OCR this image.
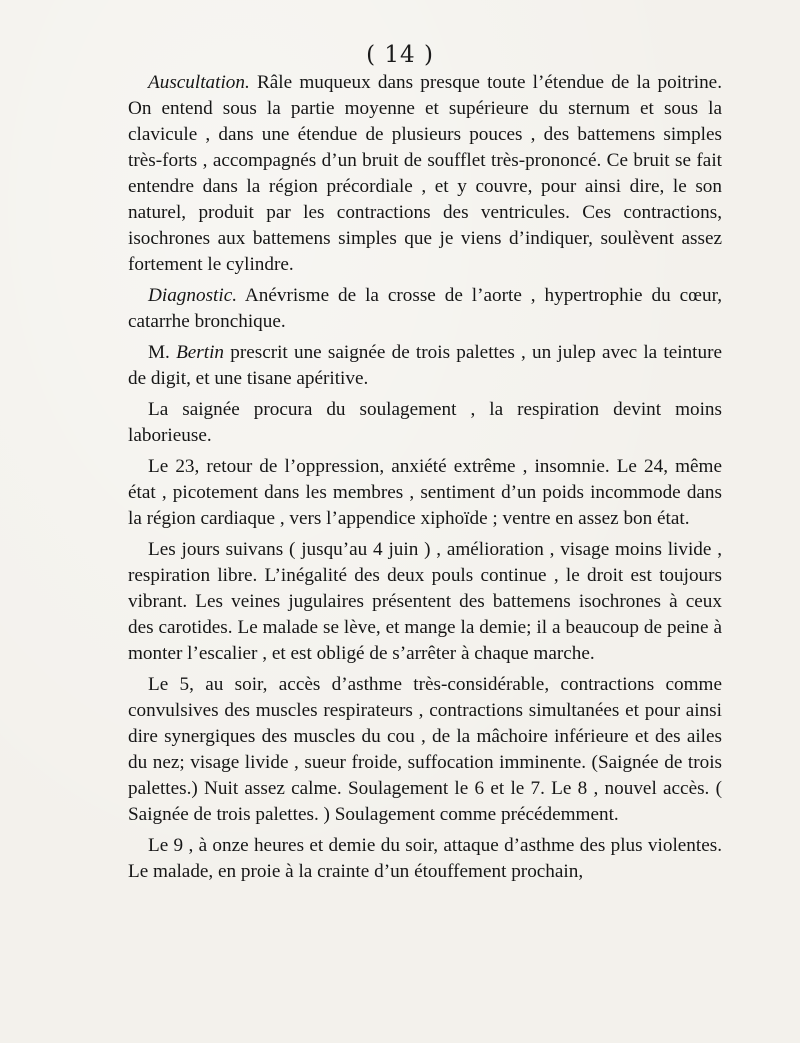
( 14 )

Auscultation. Râle muqueux dans presque toute l’étendue de la poitrine. On entend sous la partie moyenne et supérieure du sternum et sous la clavicule , dans une étendue de plusieurs pouces , des battemens simples très-forts , accompagnés d’un bruit de soufflet très-prononcé. Ce bruit se fait entendre dans la région précordiale , et y couvre, pour ainsi dire, le son naturel, produit par les contractions des ventricules. Ces contractions, isochrones aux battemens simples que je viens d’indiquer, soulèvent assez fortement le cylindre.

Diagnostic. Anévrisme de la crosse de l’aorte , hypertrophie du cœur, catarrhe bronchique.

M. Bertin prescrit une saignée de trois palettes , un julep avec la teinture de digit, et une tisane apéritive.

La saignée procura du soulagement , la respiration devint moins laborieuse.

Le 23, retour de l’oppression, anxiété extrême , insomnie. Le 24, même état , picotement dans les membres , sentiment d’un poids incommode dans la région cardiaque , vers l’appendice xiphoïde ; ventre en assez bon état.

Les jours suivans ( jusqu’au 4 juin ) , amélioration , visage moins livide , respiration libre. L’inégalité des deux pouls continue , le droit est toujours vibrant. Les veines jugulaires présentent des battemens isochrones à ceux des carotides. Le malade se lève, et mange la demie; il a beaucoup de peine à monter l’escalier , et est obligé de s’arrêter à chaque marche.

Le 5, au soir, accès d’asthme très-considérable, contractions comme convulsives des muscles respirateurs , contractions simultanées et pour ainsi dire synergiques des muscles du cou , de la mâchoire inférieure et des ailes du nez; visage livide , sueur froide, suffocation imminente. (Saignée de trois palettes.) Nuit assez calme. Soulagement le 6 et le 7. Le 8 , nouvel accès. ( Saignée de trois palettes. ) Soulagement comme précédemment.

Le 9 , à onze heures et demie du soir, attaque d’asthme des plus violentes. Le malade, en proie à la crainte d’un étouffement prochain,
